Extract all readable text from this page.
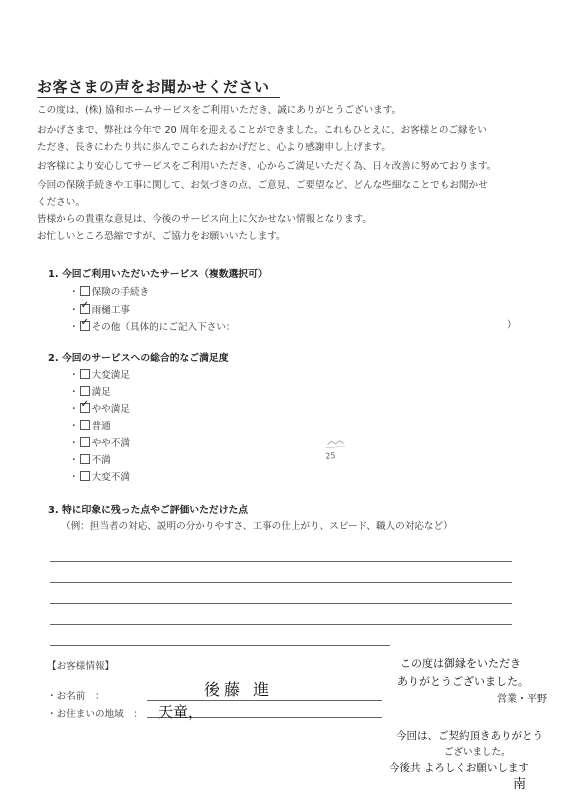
お客さまの声をお聞かせください
この度は、(株) 協和ホームサービスをご利用いただき、誠にありがとうございます。
おかげさまで、弊社は今年で 20 周年を迎えることができました。これもひとえに、お客様とのご縁をい
ただき、長きにわたり共に歩んでこられたおかげだと、心より感謝申し上げます。
お客様により安心してサービスをご利用いただき、心からご満足いただく為、日々改善に努めております。
今回の保険手続きや工事に関して、お気づきの点、ご意見、ご要望など、どんな些細なことでもお聞かせ
ください。
皆様からの貴重な意見は、今後のサービス向上に欠かせない情報となります。
お忙しいところ恐縮ですが、ご協力をお願いいたします。
1. 今回ご利用いただいたサービス（複数選択可）
・ 保険の手続き
・ ✓ 雨樋工事
・ ✓ その他（具体的にご記入下さい：	）
2. 今回のサービスへの総合的なご満足度
・ 大変満足
・ 満足
・ ✓ やや満足
・ 普通
・ やや不満
・ 不満
・ 大変不満
25
3. 特に印象に残った点やご評価いただけた点
（例：担当者の対応、説明の分かりやすさ、工事の仕上がり、スピード、職人の対応など）
【お客様情報】
・お名前　：
・お住まいの地域　：
後藤 進
天童，
この度は御縁をいただき
ありがとうございました。
営業・平野
今回は、ご契約頂きありがとう
ございました。
今後共 よろしくお願いします
南
